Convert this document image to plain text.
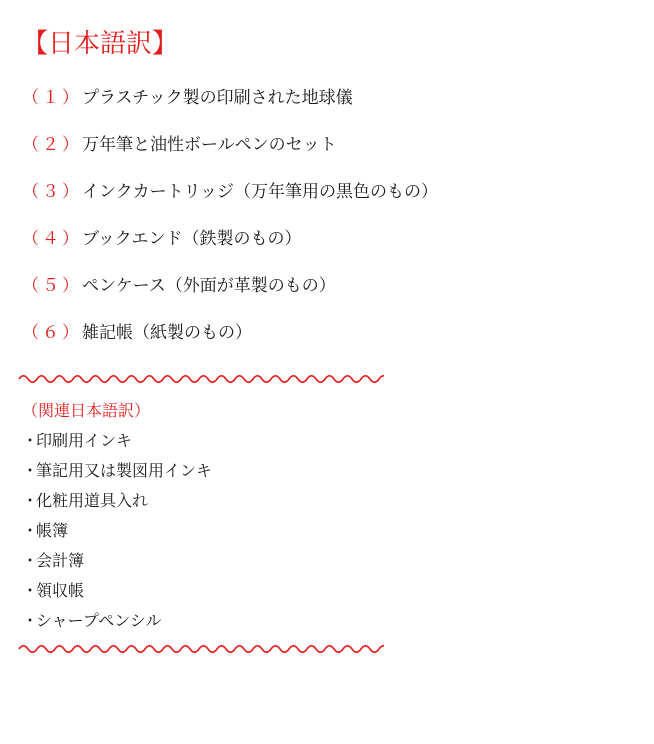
【日本語訳】
（１）プラスチック製の印刷された地球儀
（２）万年筆と油性ボールペンのセット
（３）インクカートリッジ（万年筆用の黒色のもの）
（４）ブックエンド（鉄製のもの）
（５）ペンケース（外面が革製のもの）
（６）雑記帳（紙製のもの）
（関連日本語訳）
・印刷用インキ
・筆記用又は製図用インキ
・化粧用道具入れ
・帳簿
・会計簿
・領収帳
・シャープペンシル
